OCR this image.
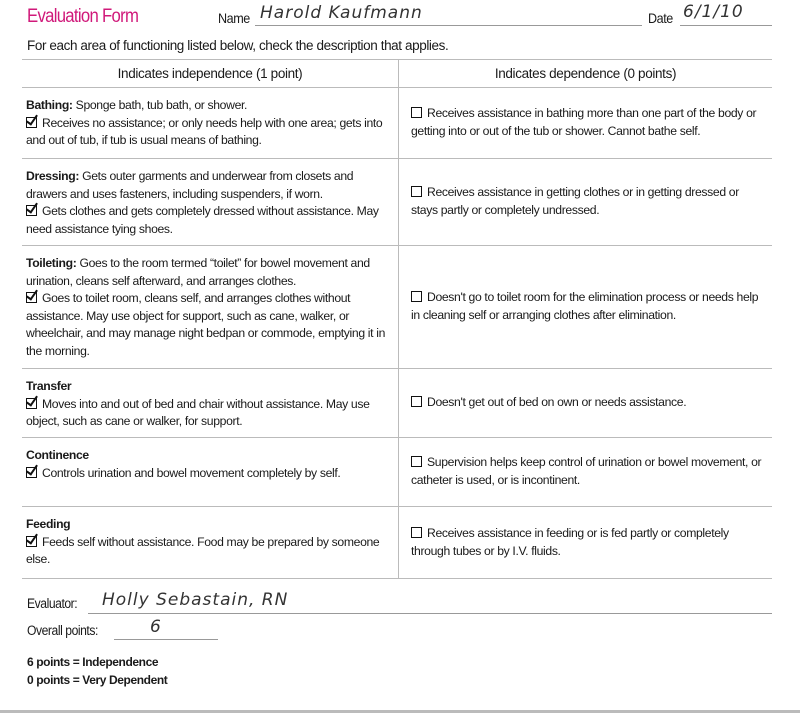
Evaluation Form	Name Harold Kaufmann	Date 6/1/10
For each area of functioning listed below, check the description that applies.
Indicates independence (1 point)	Indicates dependence (0 points)
Bathing: Sponge bath, tub bath, or shower.
Receives no assistance; or only needs help with one area; gets into and out of tub, if tub is usual means of bathing.	Receives assistance in bathing more than one part of the body or getting into or out of the tub or shower. Cannot bathe self.
Dressing: Gets outer garments and underwear from closets and drawers and uses fasteners, including suspenders, if worn.
Gets clothes and gets completely dressed without assistance. May need assistance tying shoes.	Receives assistance in getting clothes or in getting dressed or stays partly or completely undressed.
Toileting: Goes to the room termed “toilet” for bowel movement and urination, cleans self afterward, and arranges clothes.
Goes to toilet room, cleans self, and arranges clothes without assistance. May use object for support, such as cane, walker, or wheelchair, and may manage night bedpan or commode, emptying it in the morning.	Doesn't go to toilet room for the elimination process or needs help in cleaning self or arranging clothes after elimination.
Transfer
Moves into and out of bed and chair without assistance. May use object, such as cane or walker, for support.	Doesn't get out of bed on own or needs assistance.
Continence
Controls urination and bowel movement completely by self.	Supervision helps keep control of urination or bowel movement, or catheter is used, or is incontinent.
Feeding
Feeds self without assistance. Food may be prepared by someone else.	Receives assistance in feeding or is fed partly or completely through tubes or by I.V. fluids.
Evaluator: Holly Sebastain, RN
Overall points:	6
6 points = Independence
0 points = Very Dependent
